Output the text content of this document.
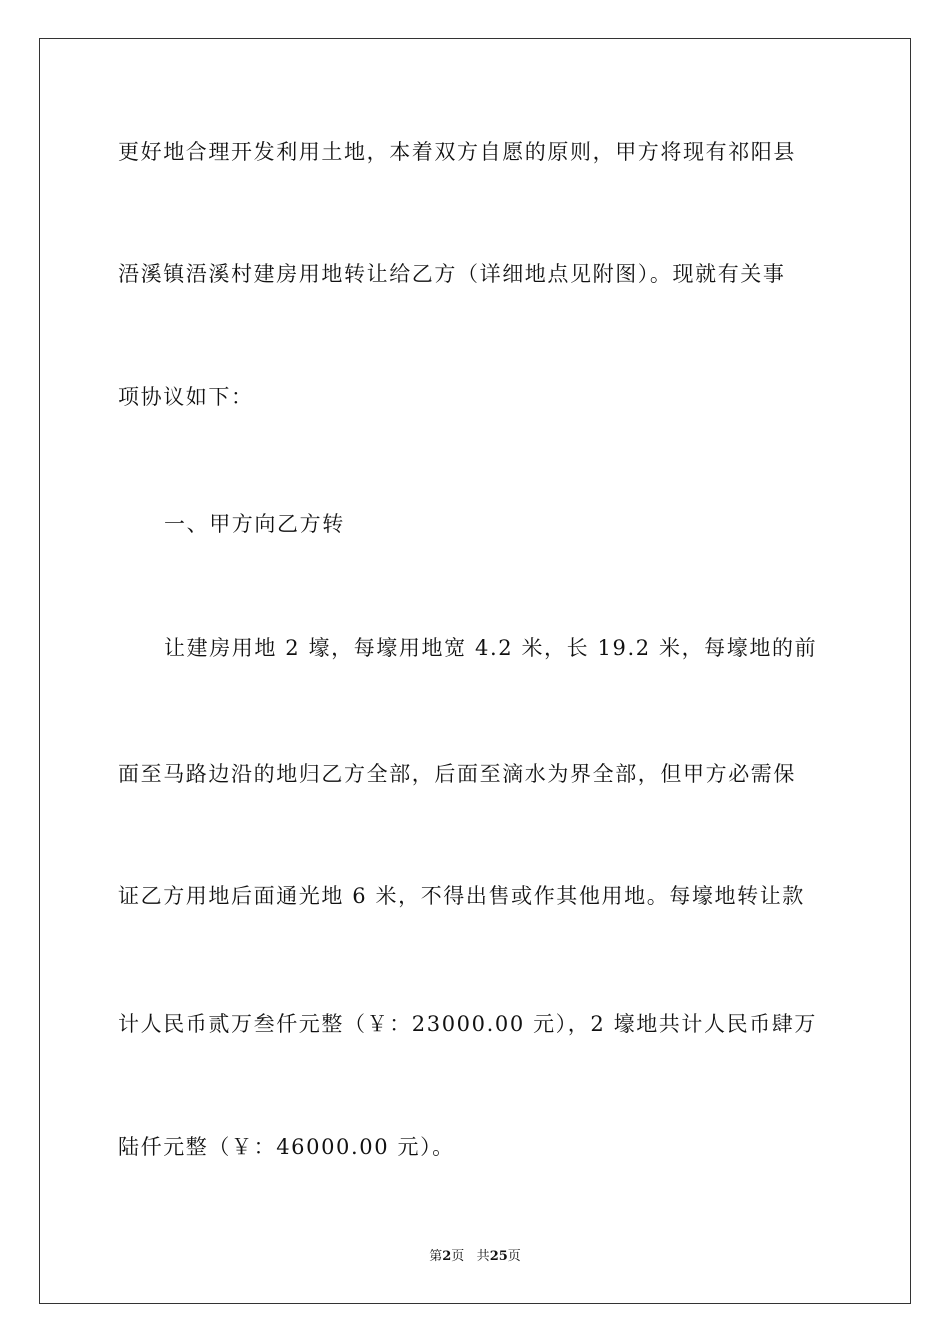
更好地合理开发利用土地，本着双方自愿的原则，甲方将现有祁阳县
浯溪镇浯溪村建房用地转让给乙方（详细地点见附图）。现就有关事
项协议如下：
一、甲方向乙方转
让建房用地 2 壕，每壕用地宽 4.2 米，长 19.2 米，每壕地的前
面至马路边沿的地归乙方全部，后面至滴水为界全部，但甲方必需保
证乙方用地后面通光地 6 米，不得出售或作其他用地。每壕地转让款
计人民币贰万叁仟元整（￥：23000.00 元），2 壕地共计人民币肆万
陆仟元整（￥：46000.00 元）。
第2页 共25页
